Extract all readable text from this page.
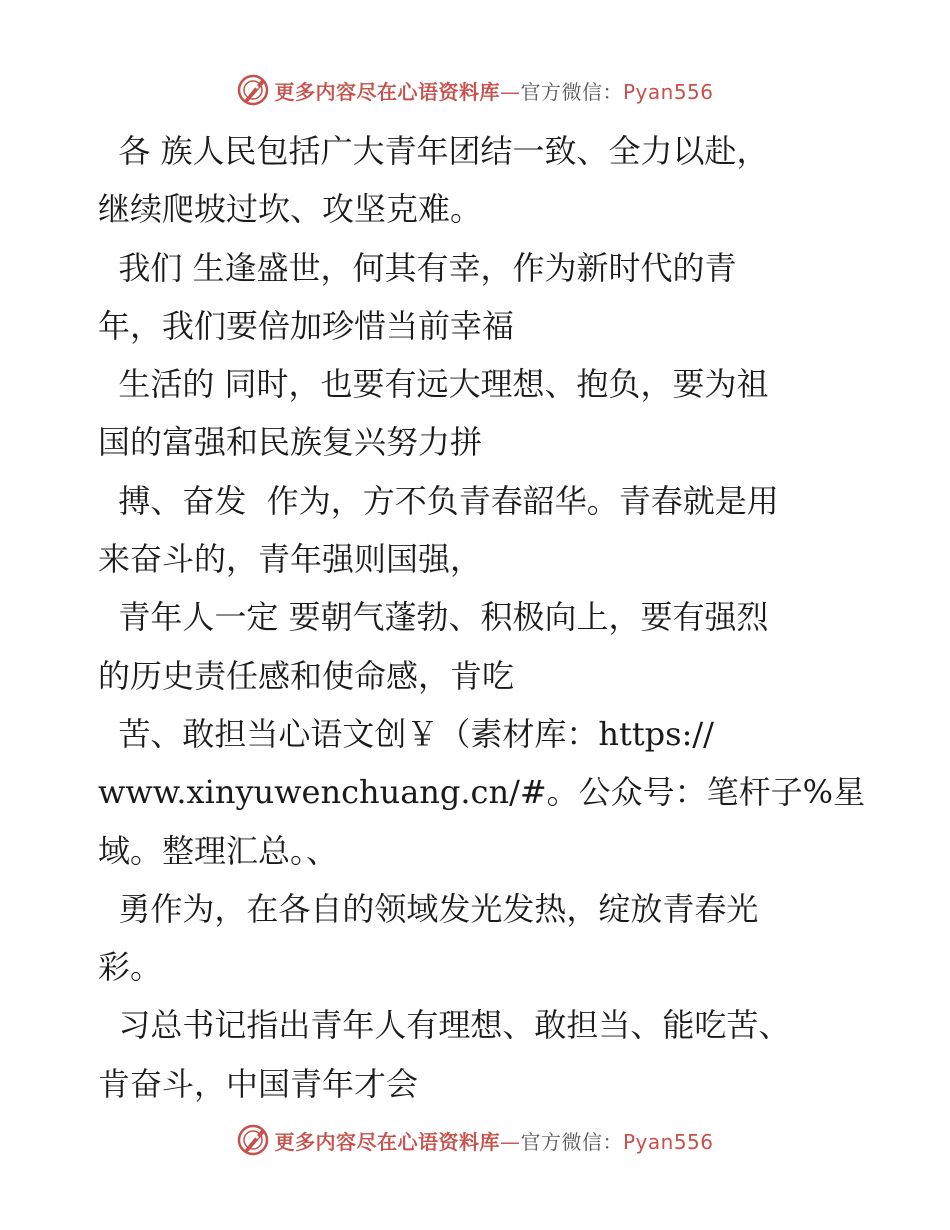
更多内容尽在心语资料库—官方微信：Pyan556
各 族人民包括广大青年团结一致、全力以赴，
继续爬坡过坎、攻坚克难。
我们 生逢盛世，何其有幸，作为新时代的青
年，我们要倍加珍惜当前幸福
生活的 同时，也要有远大理想、抱负，要为祖
国的富强和民族复兴努力拼
搏、奋发  作为，方不负青春韶华。青春就是用
来奋斗的，青年强则国强，
青年人一定 要朝气蓬勃、积极向上，要有强烈
的历史责任感和使命感，肯吃
苦、敢担当心语文创￥（素材库：https://
www.xinyuwenchuang.cn/#。公众号：笔杆子%星
域。整理汇总。、
勇作为，在各自的领域发光发热，绽放青春光
彩。
习总书记指出青年人有理想、敢担当、能吃苦、
肯奋斗，中国青年才会
更多内容尽在心语资料库—官方微信：Pyan556
